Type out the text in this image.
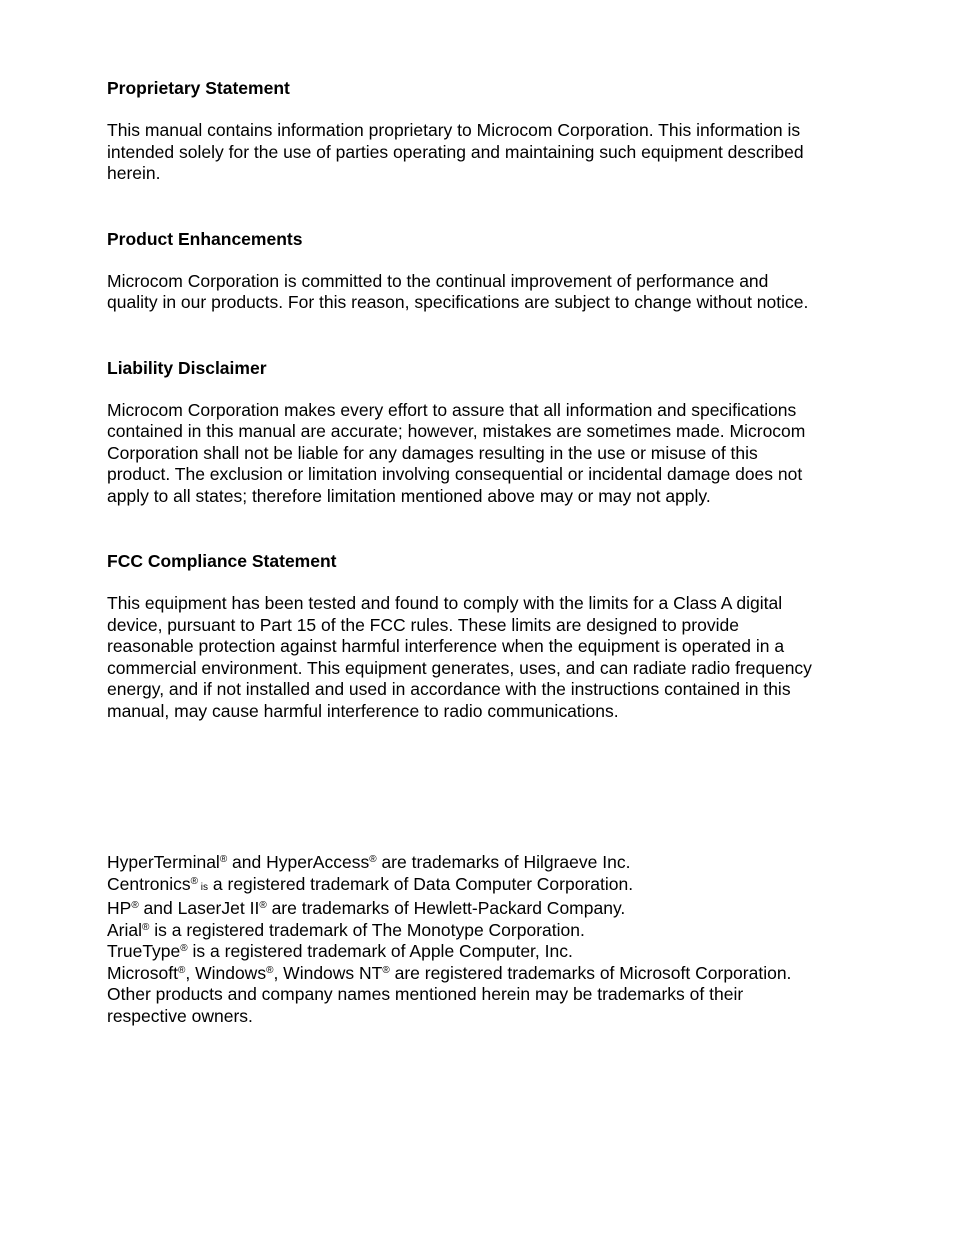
Proprietary Statement

This manual contains information proprietary to Microcom Corporation. This information is
intended solely for the use of parties operating and maintaining such equipment described
herein.

Product Enhancements

Microcom Corporation is committed to the continual improvement of performance and
quality in our products. For this reason, specifications are subject to change without notice.

Liability Disclaimer

Microcom Corporation makes every effort to assure that all information and specifications
contained in this manual are accurate; however, mistakes are sometimes made. Microcom
Corporation shall not be liable for any damages resulting in the use or misuse of this
product. The exclusion or limitation involving consequential or incidental damage does not
apply to all states; therefore limitation mentioned above may or may not apply.

FCC Compliance Statement

This equipment has been tested and found to comply with the limits for a Class A digital
device, pursuant to Part 15 of the FCC rules. These limits are designed to provide
reasonable protection against harmful interference when the equipment is operated in a
commercial environment. This equipment generates, uses, and can radiate radio frequency
energy, and if not installed and used in accordance with the instructions contained in this
manual, may cause harmful interference to radio communications.

HyperTerminal® and HyperAccess® are trademarks of Hilgraeve Inc.
Centronics® is a registered trademark of Data Computer Corporation.
HP® and LaserJet II® are trademarks of Hewlett-Packard Company.
Arial® is a registered trademark of The Monotype Corporation.
TrueType® is a registered trademark of Apple Computer, Inc.
Microsoft®, Windows®, Windows NT® are registered trademarks of Microsoft Corporation.
Other products and company names mentioned herein may be trademarks of their
respective owners.
